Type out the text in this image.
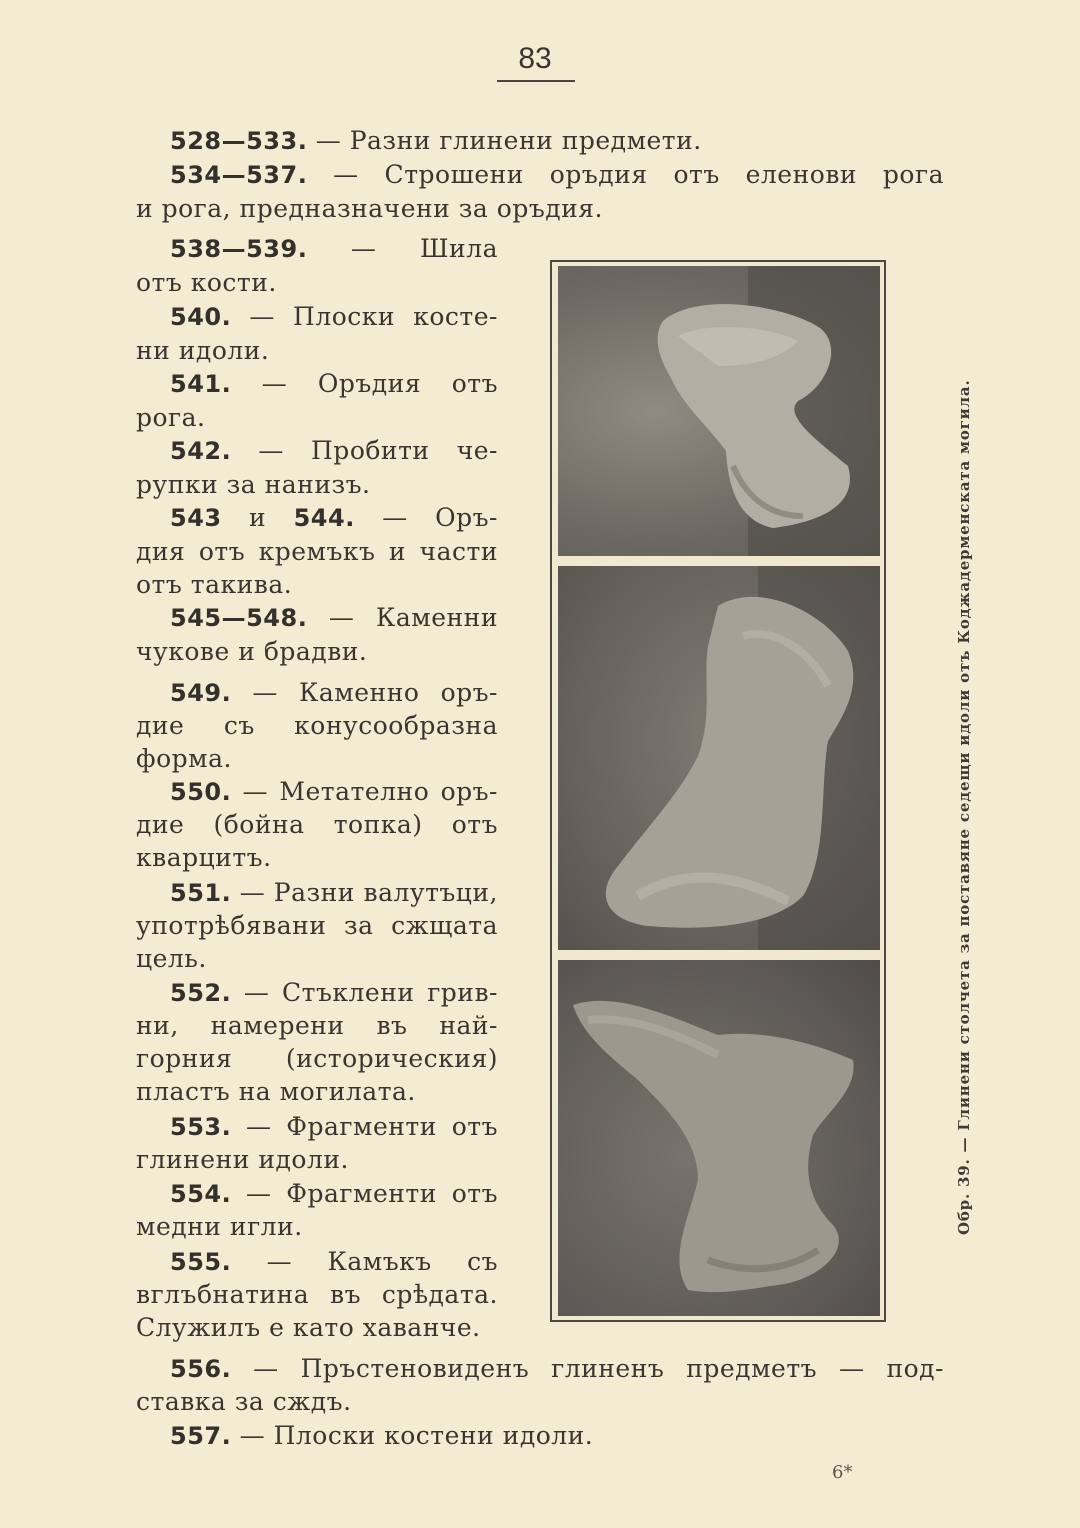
83
528—533. — Разни глинени предмети.
534—537. — Строшени оръдия отъ еленови рога
и рога, предназначени за оръдия.
538—539. — Шила
отъ кости.
540. — Плоски косте-
ни идоли.
541. — Оръдия отъ
рога.
542. — Пробити че-
рупки за нанизъ.
543 и 544. — Оръ-
дия отъ кремъкъ и части
отъ такива.
545—548. — Каменни
чукове и брадви.
549. — Каменно оръ-
дие съ конусообразна
форма.
550. — Метателно оръ-
дие (бойна топка) отъ
кварцитъ.
551. — Разни валутъци,
употрѣбявани за сжщата
цель.
552. — Стъклени грив-
ни, намерени въ най-
горния (историческия)
пластъ на могилата.
553. — Фрагменти отъ
глинени идоли.
554. — Фрагменти отъ
медни игли.
555. — Камъкъ съ
вглъбнатина въ срѣдата.
Служилъ е като хаванче.
556. — Пръстеновиденъ глиненъ предметъ — под-
ставка за сждъ.
557. — Плоски костени идоли.
Обр. 39. — Глинени столчета за поставяне седещи идоли отъ Коджадерменската могила.
6*
